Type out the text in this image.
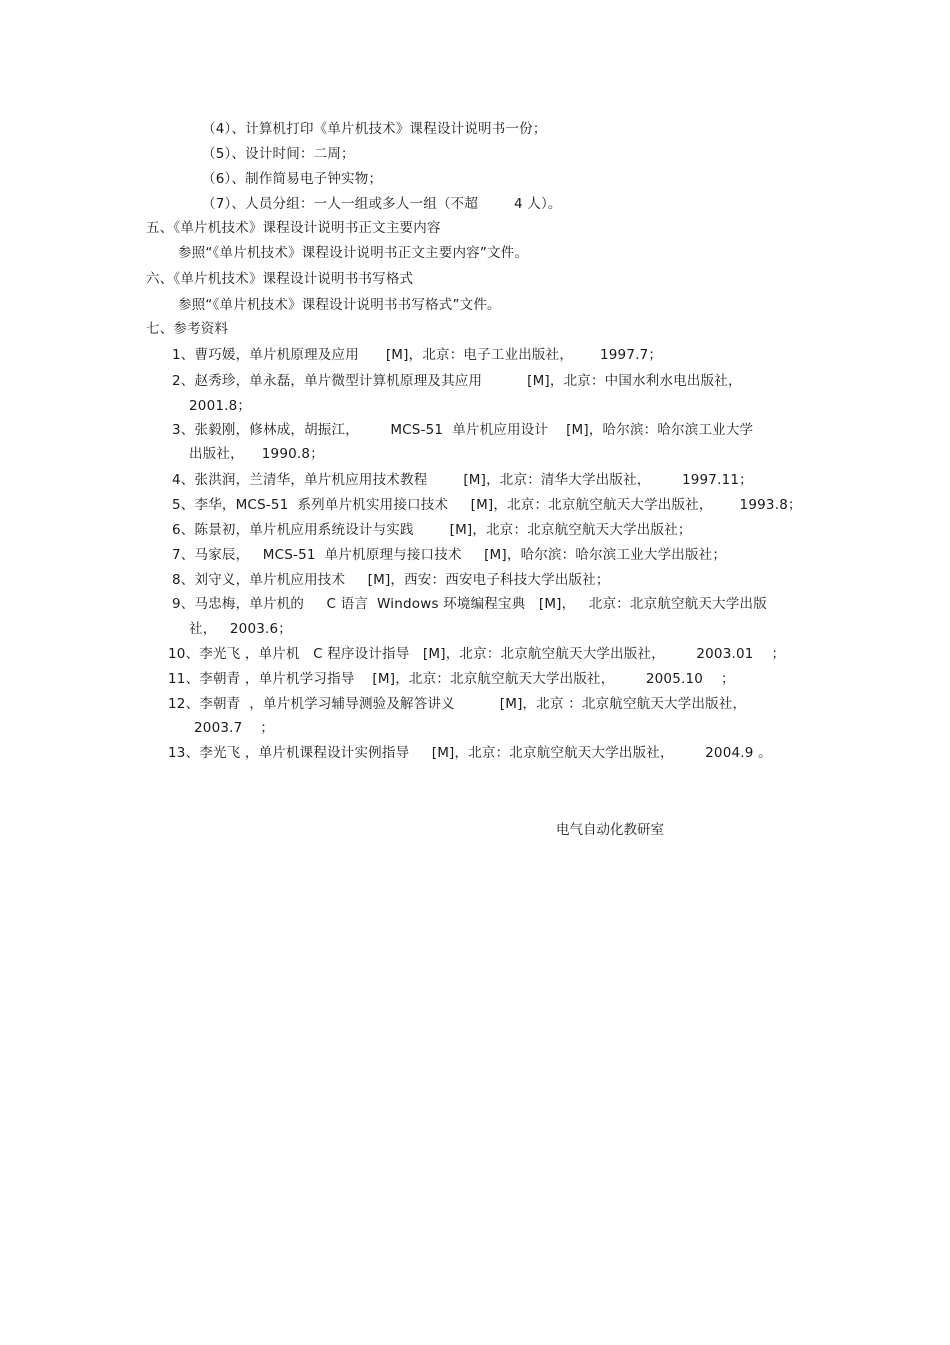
（4）、计算机打印《单片机技术》课程设计说明书一份；
（5）、设计时间：二周；
（6）、制作简易电子钟实物；
（7）、人员分组：一人一组或多人一组（不超        4 人）。
五、《单片机技术》课程设计说明书正文主要内容
参照“《单片机技术》课程设计说明书正文主要内容”文件。
六、《单片机技术》课程设计说明书书写格式
参照“《单片机技术》课程设计说明书书写格式”文件。
七、参考资料
1、曹巧媛，单片机原理及应用      [M]，北京：电子工业出版社，      1997.7；
2、赵秀珍，单永磊，单片微型计算机原理及其应用          [M]，北京：中国水利水电出版社，
2001.8；
3、张毅刚，修林成，胡振江，       MCS-51  单片机应用设计    [M]，哈尔滨：哈尔滨工业大学
出版社，    1990.8；
4、张洪润，兰清华，单片机应用技术教程        [M]，北京：清华大学出版社，       1997.11；
5、李华，MCS-51  系列单片机实用接口技术     [M]，北京：北京航空航天大学出版社，      1993.8；
6、陈景初，单片机应用系统设计与实践        [M]，北京：北京航空航天大学出版社；
7、马家辰，   MCS-51  单片机原理与接口技术     [M]，哈尔滨：哈尔滨工业大学出版社；
8、刘守义，单片机应用技术     [M]，西安：西安电子科技大学出版社；
9、马忠梅，单片机的     C 语言  Windows 环境编程宝典   [M]，   北京：北京航空航天大学出版
社，   2003.6；
10、李光飞 ，单片机   C 程序设计指导   [M]，北京：北京航空航天大学出版社，       2003.01    ；
11、李朝青 ，单片机学习指导    [M]，北京：北京航空航天大学出版社，       2005.10    ；
12、李朝青  ，单片机学习辅导测验及解答讲义          [M]，北京 ：北京航空航天大学出版社，
2003.7    ；
13、李光飞 ，单片机课程设计实例指导     [M]，北京：北京航空航天大学出版社，       2004.9 。
电气自动化教研室
